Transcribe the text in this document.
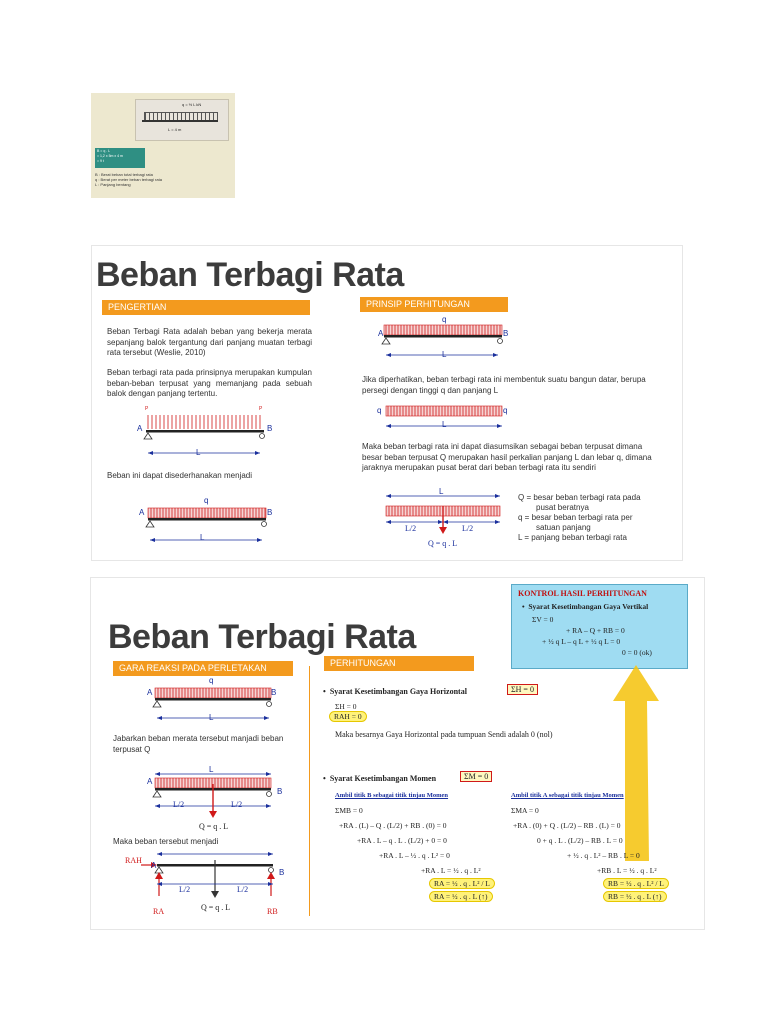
q = ½ L kN
L = 4 m
B = q . L
= 1,2 x 5m x 4 m
= 9 t
B : Berat beban total terbagi rata
q : Berat per meter beban terbagi rata
L : Panjang bentang
Beban Terbagi Rata
PENGERTIAN	PRINSIP PERHITUNGAN
Beban Terbagi Rata adalah beban yang bekerja merata sepanjang balok tergantung dari panjang muatan terbagi rata tersebut (Weslie, 2010)
Beban terbagi rata pada prinsipnya merupakan kumpulan beban-beban terpusat yang memanjang pada sebuah balok dengan panjang tertentu.
L
A	B
P	P
Beban ini dapat disederhanakan menjadi
q
A	B
L
q
A	B
L
Jika diperhatikan, beban terbagi rata ini membentuk suatu bangun datar, berupa persegi dengan tinggi q dan panjang L
q	q
L
Maka beban terbagi rata ini dapat diasumsikan sebagai beban terpusat dimana besar beban terpusat Q merupakan hasil perkalian panjang L dan lebar q, dimana jaraknya merupakan pusat berat dari beban terbagi rata itu sendiri
L
L/2	L/2
Q = q . L
Q = besar beban terbagi rata pada
pusat beratnya
q = besar beban terbagi rata per
satuan panjang
L = panjang beban terbagi rata
Beban Terbagi Rata
GARA REAKSI PADA PERLETAKAN	PERHITUNGAN
KONTROL HASIL PERHITUNGAN
•  Syarat Kesetimbangan Gaya Vertikal
ΣV = 0
+ RA – Q + RB = 0
+ ½ q L – q L + ½ q L = 0
0 = 0 (ok)
q
A	B
L
Jabarkan beban merata tersebut manjadi beban terpusat Q
L
A
B
L/2	L/2
Q = q . L
Maka beban tersebut menjadi
RAH
A
B
L/2	L/2
RA	Q = q . L	RB
•  Syarat Kesetimbangan Gaya Horizontal	ΣH = 0
ΣH = 0
RAH = 0
Maka besarnya Gaya Horizontal pada tumpuan Sendi adalah 0 (nol)
•  Syarat Kesetimbangan Momen	ΣM = 0
Ambil titik B sebagai titik tinjau Momen	Ambil titik A sebagai titik tinjau Momen
ΣMB = 0
+RA . (L) – Q . (L/2) + RB . (0) = 0
+RA . L – q . L . (L/2) + 0 = 0
+RA . L – ½ . q . L² = 0
+RA . L = ½ . q . L²
RA = ½ . q . L² / L
RA = ½ . q . L (↑)
ΣMA = 0
+RA . (0) + Q . (L/2) – RB . (L) = 0
0 + q . L . (L/2) – RB . L = 0
+ ½ . q . L² – RB . L = 0
+RB . L = ½ . q . L²
RB = ½ . q . L² / L
RB = ½ . q . L (↑)
